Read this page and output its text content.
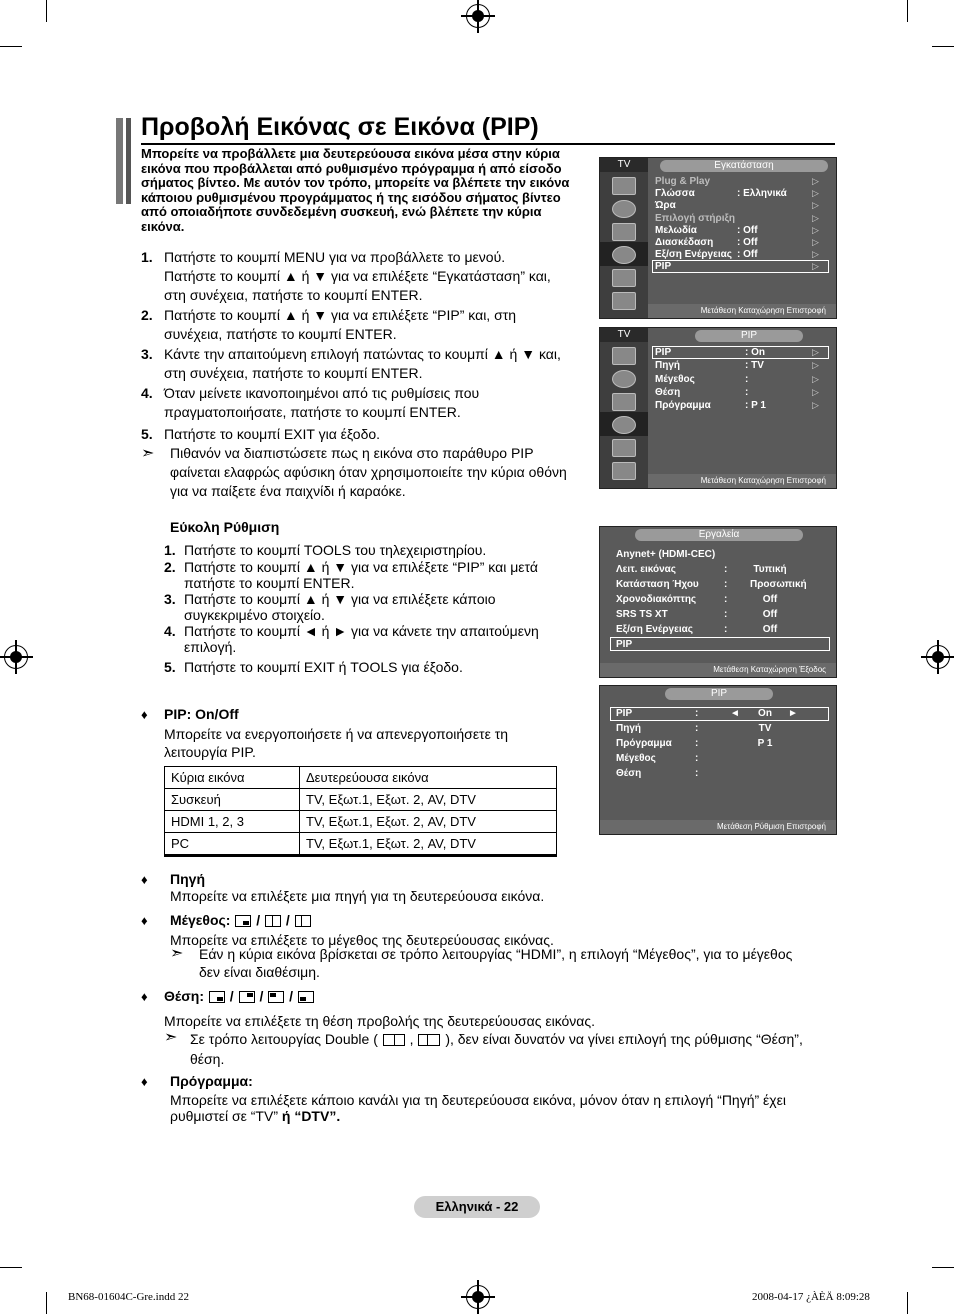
Προβολή Εικόνας σε Εικόνα (PIP)
Μπορείτε να προβάλλετε μια δευτερεύουσα εικόνα μέσα στην κύρια εικόνα που προβάλλεται από ρυθμισμένο πρόγραμμα ή από είσοδο σήματος βίντεο. Με αυτόν τον τρόπο, μπορείτε να βλέπετε την εικόνα κάποιου ρυθμισμένου προγράμματος ή της εισόδου σήματος βίντεο από οποιαδήποτε συνδεδεμένη συσκευή, ενώ βλέπετε την κύρια εικόνα.
1. Πατήστε το κουμπί MENU για να προβάλλετε το μενού.
Πατήστε το κουμπί ▲ ή ▼ για να επιλέξετε “Εγκατάσταση” και,
στη συνέχεια, πατήστε το κουμπί ENTER.
2. Πατήστε το κουμπί ▲ ή ▼ για να επιλέξετε “PIP” και, στη
συνέχεια, πατήστε το κουμπί ENTER.
3. Κάντε την απαιτούμενη επιλογή πατώντας το κουμπί ▲ ή ▼ και,
στη συνέχεια, πατήστε το κουμπί ENTER.
4. Όταν μείνετε ικανοποιημένοι από τις ρυθμίσεις που
πραγματοποιήσατε, πατήστε το κουμπί ENTER.
5. Πατήστε το κουμπί EXIT για έξοδο.
➣ Πιθανόν να διαπιστώσετε πως η εικόνα στο παράθυρο PIP
φαίνεται ελαφρώς αφύσικη όταν χρησιμοποιείτε την κύρια οθόνη
για να παίξετε ένα παιχνίδι ή καραόκε.
Εύκολη Ρύθμιση
1. Πατήστε το κουμπί TOOLS του τηλεχειριστηρίου.
2. Πατήστε το κουμπί ▲ ή ▼ για να επιλέξετε “PIP” και μετά
πατήστε το κουμπί ENTER.
3. Πατήστε το κουμπί ▲ ή ▼ για να επιλέξετε κάποιο
συγκεκριμένο στοιχείο.
4. Πατήστε το κουμπί ◄ ή ► για να κάνετε την απαιτούμενη
επιλογή.
5. Πατήστε το κουμπί EXIT ή TOOLS για έξοδο.
♦ PIP: On/Off
Μπορείτε να ενεργοποιήσετε ή να απενεργοποιήσετε τη
λειτουργία PIP.
Κύρια εικόνα	Δευτερεύουσα εικόνα
Συσκευή	TV, Εξωτ.1, Εξωτ. 2, AV, DTV
HDMI 1, 2, 3	TV, Εξωτ.1, Εξωτ. 2, AV, DTV
PC	TV, Εξωτ.1, Εξωτ. 2, AV, DTV
♦ Πηγή
Μπορείτε να επιλέξετε μια πηγή για τη δευτερεύουσα εικόνα.
♦ Μέγεθος:
/
/
Μπορείτε να επιλέξετε το μέγεθος της δευτερεύουσας εικόνας.
➣ Εάν η κύρια εικόνα βρίσκεται σε τρόπο λειτουργίας “HDMI”, η επιλογή “Μέγεθος”, για το μέγεθος
δεν είναι διαθέσιμη.
♦ Θέση:
/
/
/
Μπορείτε να επιλέξετε τη θέση προβολής της δευτερεύουσας εικόνας.
➣ Σε τρόπο λειτουργίας Double (
,
), δεν είναι δυνατόν να γίνει επιλογή της ρύθμισης “Θέση”,
θέση.
♦ Πρόγραμμα:
Μπορείτε να επιλέξετε κάποιο κανάλι για τη δευτερεύουσα εικόνα, μόνον όταν η επιλογή “Πηγή” έχει
ρυθμιστεί σε “TV” ή “DTV”.
TV	Εγκατάσταση
Plug & Play	▷
Γλώσσα	: Ελληνικά	▷
Ώρα	▷
Επιλογή στήριξη	▷
Μελωδία	: Off	▷
Διασκέδαση : Off	▷
Εξ/ση Ενέργειας : Off	▷
PIP	▷
Μετάθεση Καταχώρηση Επιστροφή
TV	PIP
PIP	: On	▷
Πηγή	: TV	▷
Μέγεθος	:	▷
Θέση	:	▷
Πρόγραμμα	: P 1	▷
Μετάθεση Καταχώρηση Επιστροφή
Εργαλεία
Anynet+ (HDMI-CEC)
Λειτ. εικόνας	:	Τυπική
Κατάσταση Ήχου	: Προσωπική
Χρονοδιακόπτης	:	Off
SRS TS XT	:	Off
Εξ/ση Ενέργειας	:	Off
PIP
Μετάθεση Καταχώρηση Έξοδος
PIP
PIP	:	On
Πηγή	:	TV
Πρόγραμμα :	P 1
Μέγεθος	:
Θέση	:
◄	►
Μετάθεση Ρύθμιση Επιστροφή
Ελληνικά - 22
BN68-01604C-Gre.indd 22	2008-04-17 ¿ÀÈÄ 8:09:28
